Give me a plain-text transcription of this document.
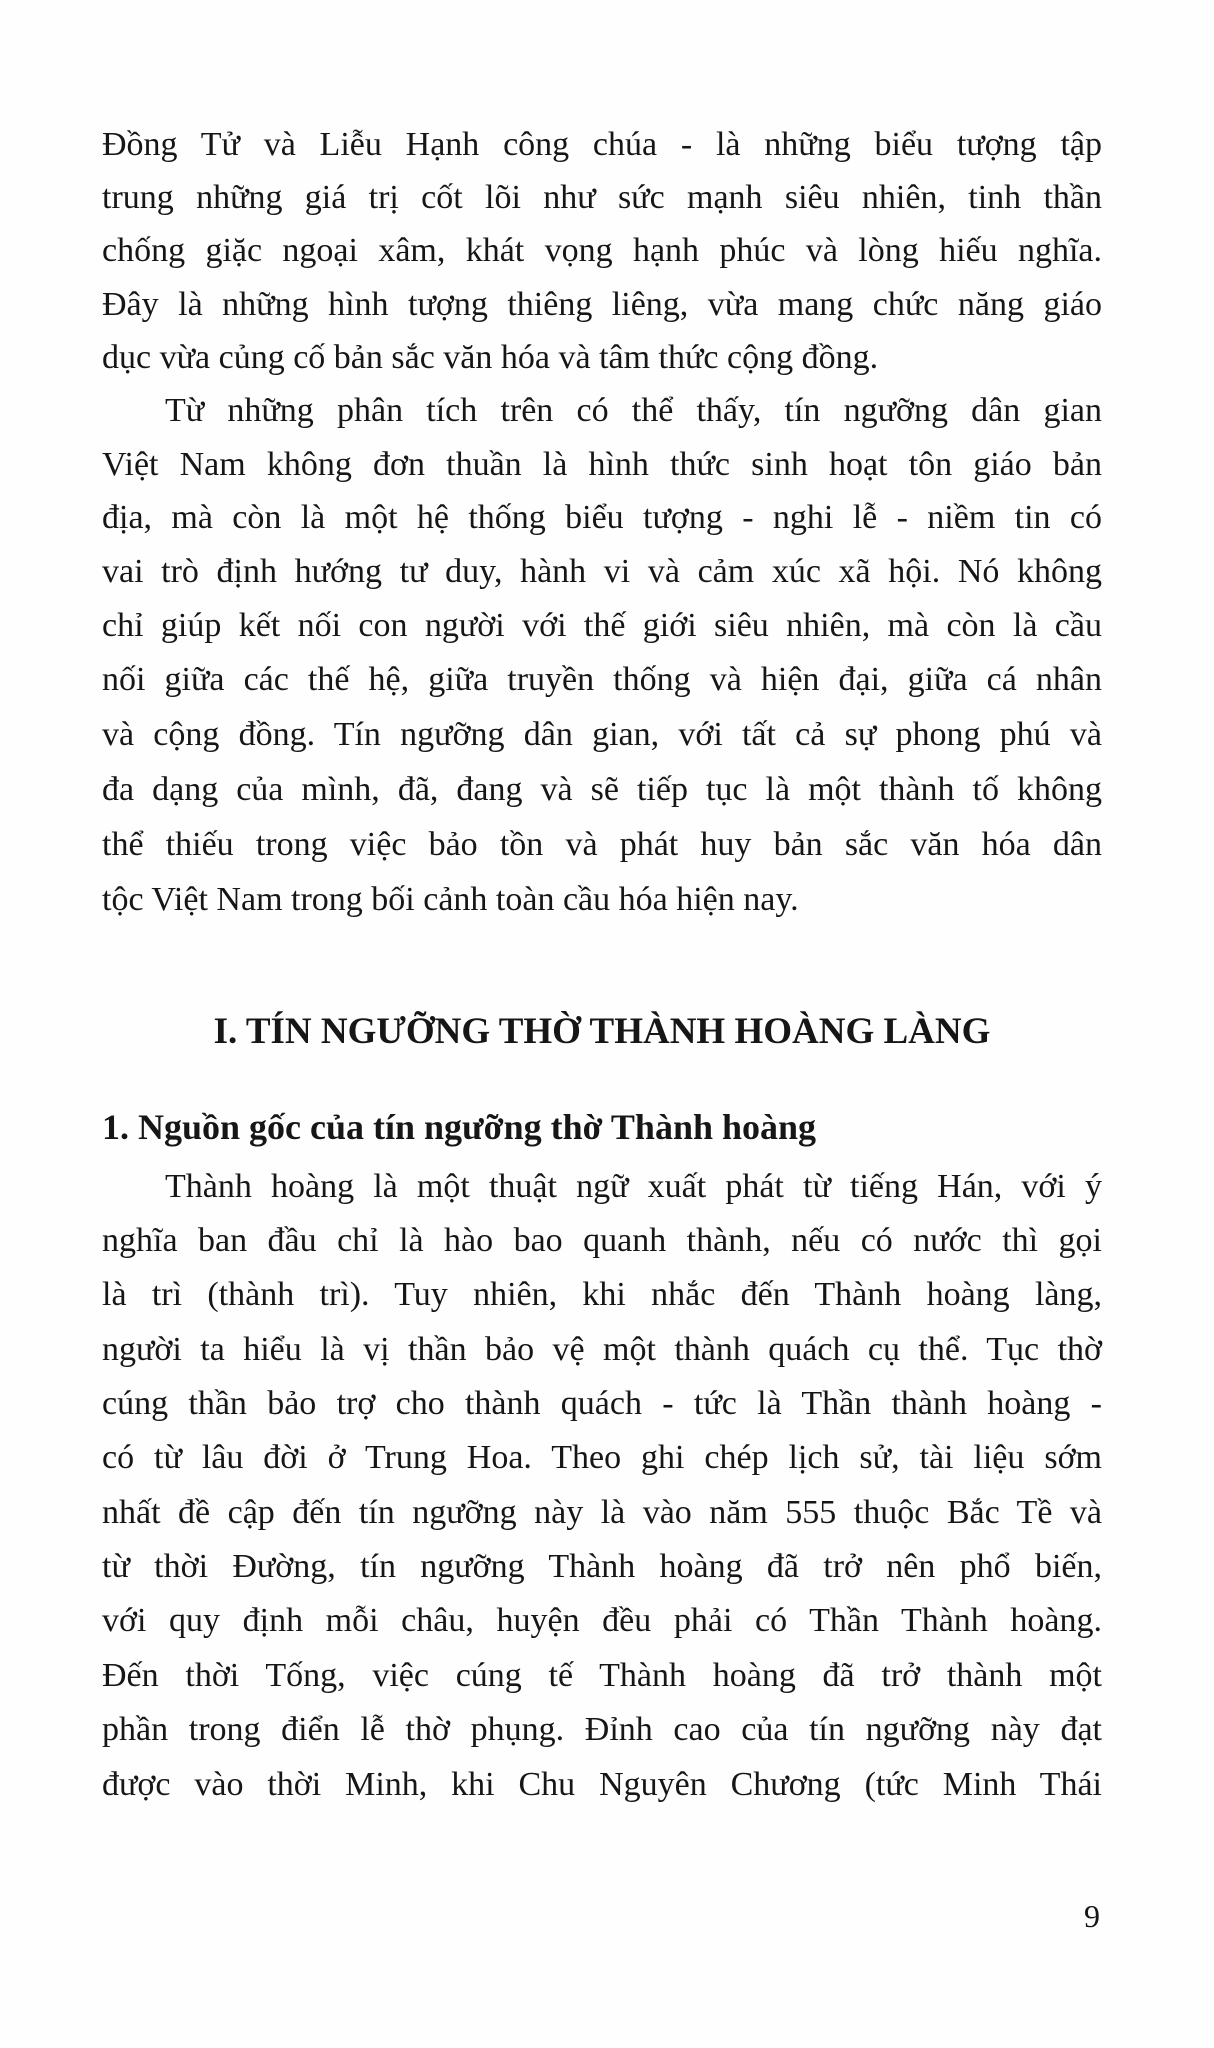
Đồng Tử và Liễu Hạnh công chúa - là những biểu tượng tập
trung những giá trị cốt lõi như sức mạnh siêu nhiên, tinh thần
chống giặc ngoại xâm, khát vọng hạnh phúc và lòng hiếu nghĩa.
Đây là những hình tượng thiêng liêng, vừa mang chức năng giáo
dục vừa củng cố bản sắc văn hóa và tâm thức cộng đồng.
Từ những phân tích trên có thể thấy, tín ngưỡng dân gian
Việt Nam không đơn thuần là hình thức sinh hoạt tôn giáo bản
địa, mà còn là một hệ thống biểu tượng - nghi lễ - niềm tin có
vai trò định hướng tư duy, hành vi và cảm xúc xã hội. Nó không
chỉ giúp kết nối con người với thế giới siêu nhiên, mà còn là cầu
nối giữa các thế hệ, giữa truyền thống và hiện đại, giữa cá nhân
và cộng đồng. Tín ngưỡng dân gian, với tất cả sự phong phú và
đa dạng của mình, đã, đang và sẽ tiếp tục là một thành tố không
thể thiếu trong việc bảo tồn và phát huy bản sắc văn hóa dân
tộc Việt Nam trong bối cảnh toàn cầu hóa hiện nay.
I. TÍN NGƯỠNG THỜ THÀNH HOÀNG LÀNG
1. Nguồn gốc của tín ngưỡng thờ Thành hoàng
Thành hoàng là một thuật ngữ xuất phát từ tiếng Hán, với ý
nghĩa ban đầu chỉ là hào bao quanh thành, nếu có nước thì gọi
là trì (thành trì). Tuy nhiên, khi nhắc đến Thành hoàng làng,
người ta hiểu là vị thần bảo vệ một thành quách cụ thể. Tục thờ
cúng thần bảo trợ cho thành quách - tức là Thần thành hoàng -
có từ lâu đời ở Trung Hoa. Theo ghi chép lịch sử, tài liệu sớm
nhất đề cập đến tín ngưỡng này là vào năm 555 thuộc Bắc Tề và
từ thời Đường, tín ngưỡng Thành hoàng đã trở nên phổ biến,
với quy định mỗi châu, huyện đều phải có Thần Thành hoàng.
Đến thời Tống, việc cúng tế Thành hoàng đã trở thành một
phần trong điển lễ thờ phụng. Đỉnh cao của tín ngưỡng này đạt
được vào thời Minh, khi Chu Nguyên Chương (tức Minh Thái
9
